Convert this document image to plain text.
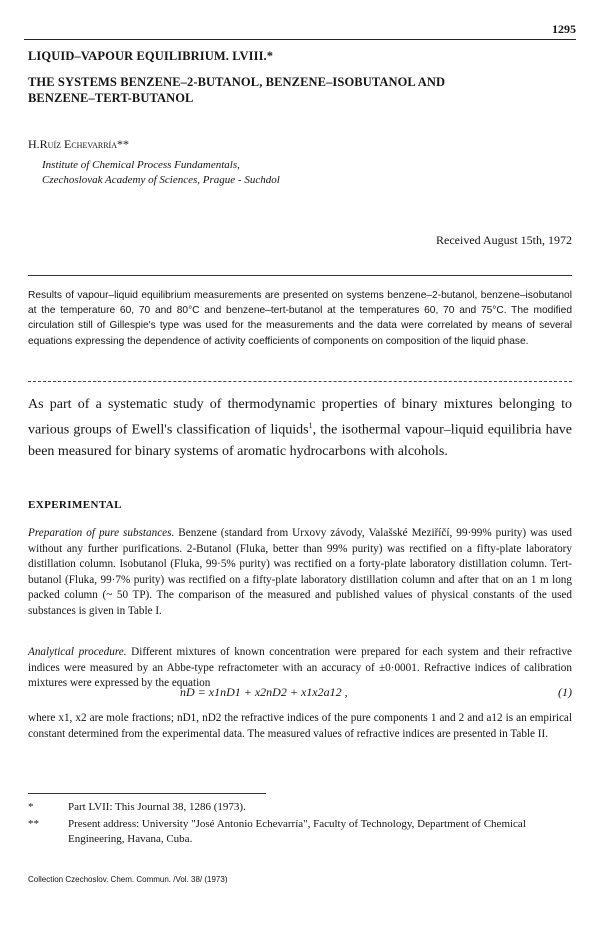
1295

LIQUID–VAPOUR EQUILIBRIUM. LVIII.*

THE SYSTEMS BENZENE–2-BUTANOL, BENZENE–ISOBUTANOL AND

BENZENE–TERT-BUTANOL

H.Ruíz Echevarría**

Institute of Chemical Process Fundamentals,

Czechoslovak Academy of Sciences, Prague - Suchdol

Received August 15th, 1972

Results of vapour–liquid equilibrium measurements are presented on systems benzene–2-butanol, benzene–isobutanol at the temperature 60, 70 and 80°C and benzene–tert-butanol at the temperatures 60, 70 and 75°C. The modified circulation still of Gillespie's type was used for the measurements and the data were correlated by means of several equations expressing the dependence of activity coefficients of components on composition of the liquid phase.

As part of a systematic study of thermodynamic properties of binary mixtures belonging to various groups of Ewell's classification of liquids$^1$, the isothermal vapour–liquid equilibria have been measured for binary systems of aromatic hydrocarbons with alcohols.

EXPERIMENTAL

Preparation of pure substances. Benzene (standard from Urxovy závody, Valašské Meziříčí, 99·99% purity) was used without any further purifications. 2-Butanol (Fluka, better than 99% purity) was rectified on a fifty-plate laboratory distillation column. Isobutanol (Fluka, 99·5% purity) was rectified on a forty-plate laboratory distillation column. Tert-butanol (Fluka, 99·7% purity) was rectified on a fifty-plate laboratory distillation column and after that on an 1 m long packed column (~ 50 TP). The comparison of the measured and published values of physical constants of the used substances is given in Table I.

Analytical procedure. Different mixtures of known concentration were prepared for each system and their refractive indices were measured by an Abbe-type refractometer with an accuracy of ±0·0001. Refractive indices of calibration mixtures were expressed by the equation

nD = x1nD1 + x2nD2 + x1x2a12 ,	(1)

where x1, x2 are mole fractions; nD1, nD2 the refractive indices of the pure components 1 and 2 and a12 is an empirical constant determined from the experimental data. The measured values of refractive indices are presented in Table II.

*	Part LVII: This Journal 38, 1286 (1973).
**	Present address: University "José Antonio Echevarría", Faculty of Technology, Department of Chemical Engineering, Havana, Cuba.
Collection Czechoslov. Chem. Commun. /Vol. 38/ (1973)
